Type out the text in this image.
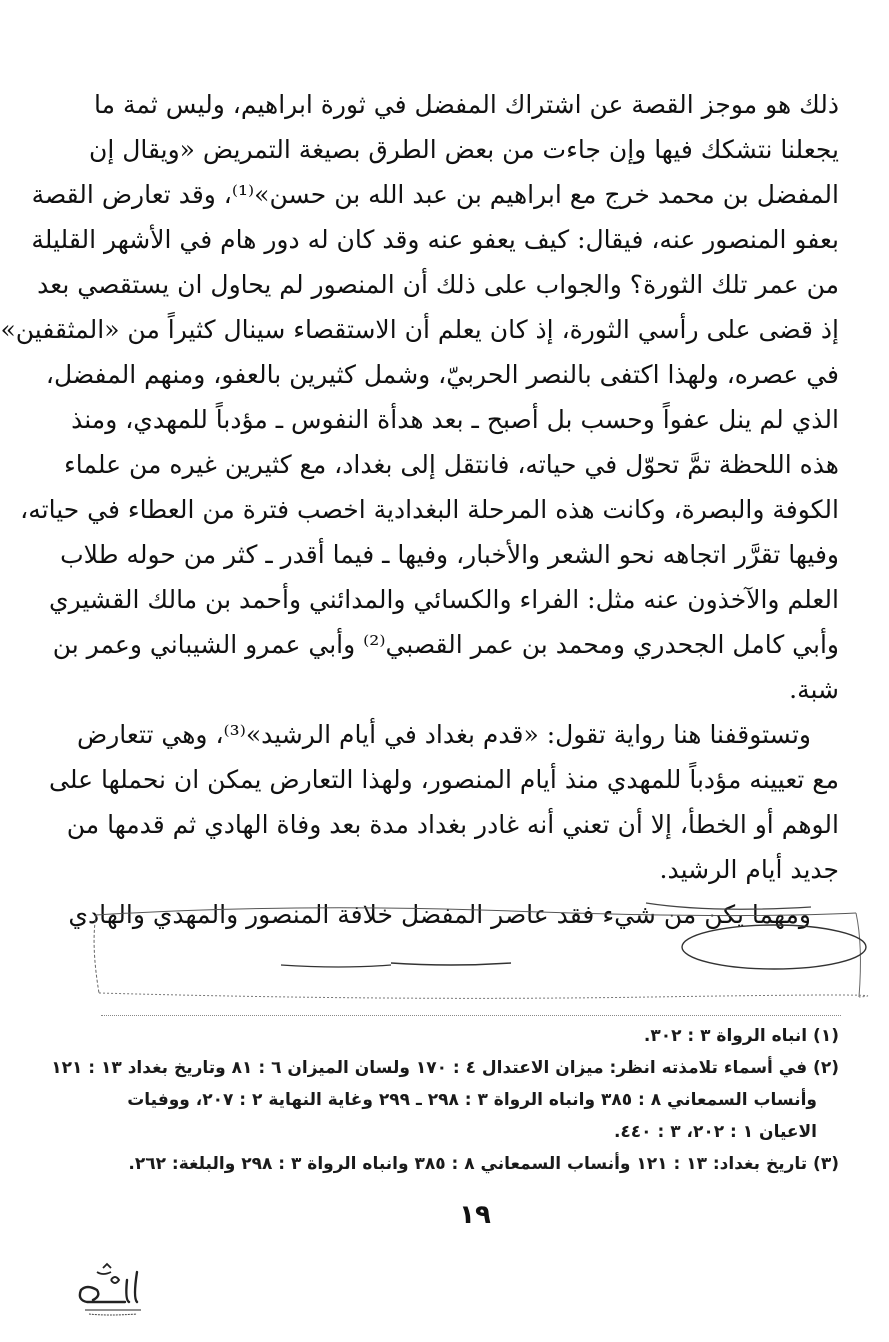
ذلك هو موجز القصة عن اشتراك المفضل في ثورة ابراهيم، وليس ثمة ما
يجعلنا نتشكك فيها وإن جاءت من بعض الطرق بصيغة التمريض «ويقال إن
المفضل بن محمد خرج مع ابراهيم بن عبد الله بن حسن»⁽¹⁾، وقد تعارض القصة
بعفو المنصور عنه، فيقال: كيف يعفو عنه وقد كان له دور هام في الأشهر القليلة
من عمر تلك الثورة؟ والجواب على ذلك أن المنصور لم يحاول ان يستقصي بعد
إذ قضى على رأسي الثورة، إذ كان يعلم أن الاستقصاء سينال كثيراً من «المثقفين»
في عصره، ولهذا اكتفى بالنصر الحربيّ، وشمل كثيرين بالعفو، ومنهم المفضل،
الذي لم ينل عفواً وحسب بل أصبح ـ بعد هدأة النفوس ـ مؤدباً للمهدي، ومنذ
هذه اللحظة تمَّ تحوّل في حياته، فانتقل إلى بغداد، مع كثيرين غيره من علماء
الكوفة والبصرة، وكانت هذه المرحلة البغدادية اخصب فترة من العطاء في حياته،
وفيها تقرَّر اتجاهه نحو الشعر والأخبار، وفيها ـ فيما أقدر ـ كثر من حوله طلاب
العلم والآخذون عنه مثل: الفراء والكسائي والمدائني وأحمد بن مالك القشيري
وأبي كامل الجحدري ومحمد بن عمر القصبي⁽²⁾ وأبي عمرو الشيباني وعمر بن
شبة.
وتستوقفنا هنا رواية تقول: «قدم بغداد في أيام الرشيد»⁽³⁾، وهي تتعارض
مع تعيينه مؤدباً للمهدي منذ أيام المنصور، ولهذا التعارض يمكن ان نحملها على
الوهم أو الخطأ، إلا أن تعني أنه غادر بغداد مدة بعد وفاة الهادي ثم قدمها من
جديد أيام الرشيد.
ومهما يكن من شيء فقد عاصر المفضل خلافة المنصور والمهدي والهادي
(١) انباه الرواة ٣ : ٣٠٢.
(٢) في أسماء تلامذته انظر: ميزان الاعتدال ٤ : ١٧٠ ولسان الميزان ٦ : ٨١ وتاريخ بغداد ١٣ : ١٢١
وأنساب السمعاني ٨ : ٣٨٥ وانباه الرواة ٣ : ٢٩٨ ـ ٢٩٩ وغاية النهاية ٢ : ٢٠٧، ووفيات
الاعيان ١ : ٢٠٢، ٣ : ٤٤٠.
(٣) تاريخ بغداد: ١٣ : ١٢١ وأنساب السمعاني ٨ : ٣٨٥ وانباه الرواة ٣ : ٢٩٨ والبلغة: ٢٦٢.
١٩
